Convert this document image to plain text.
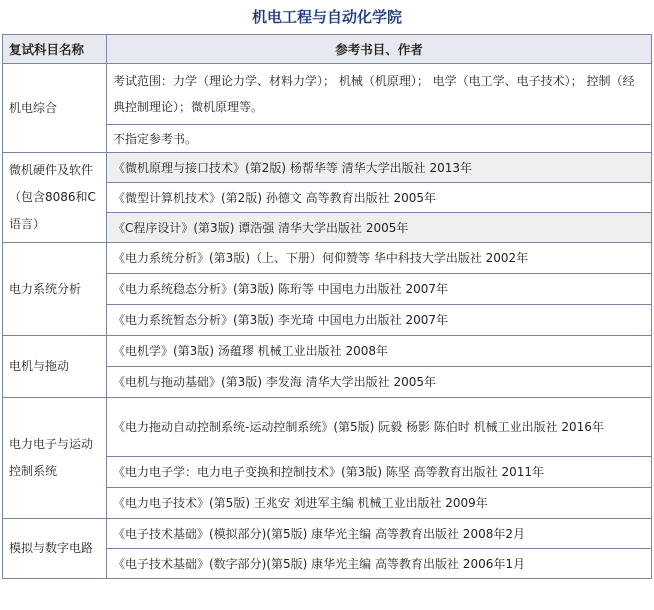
机电工程与自动化学院
复试科目名称	参考书目、作者
机电综合	考试范围：力学（理论力学、材料力学）； 机械（机原理）； 电学（电工学、电子技术）； 控制（经典控制理论）；微机原理等。
	不指定参考书。
微机硬件及软件（包含8086和C语言）	《微机原理与接口技术》(第2版) 杨帮华等 清华大学出版社 2013年
	《微型计算机技术》(第2版) 孙德文 高等教育出版社 2005年
	《C程序设计》(第3版) 谭浩强 清华大学出版社 2005年
电力系统分析	《电力系统分析》(第3版)（上、下册）何仰赞等 华中科技大学出版社 2002年
	《电力系统稳态分析》(第3版) 陈珩等 中国电力出版社 2007年
	《电力系统暂态分析》(第3版) 李光琦 中国电力出版社 2007年
电机与拖动	《电机学》(第3版) 汤蕴璆 机械工业出版社 2008年
	《电机与拖动基础》(第3版) 李发海 清华大学出版社 2005年
电力电子与运动控制系统	《电力拖动自动控制系统-运动控制系统》(第5版) 阮毅 杨影 陈伯时 机械工业出版社 2016年
	《电力电子学：电力电子变换和控制技术》(第3版) 陈坚 高等教育出版社 2011年
	《电力电子技术》(第5版) 王兆安 刘进军主编 机械工业出版社 2009年
模拟与数字电路	《电子技术基础》(模拟部分)(第5版) 康华光主编 高等教育出版社 2008年2月
	《电子技术基础》(数字部分)(第5版) 康华光主编 高等教育出版社 2006年1月
